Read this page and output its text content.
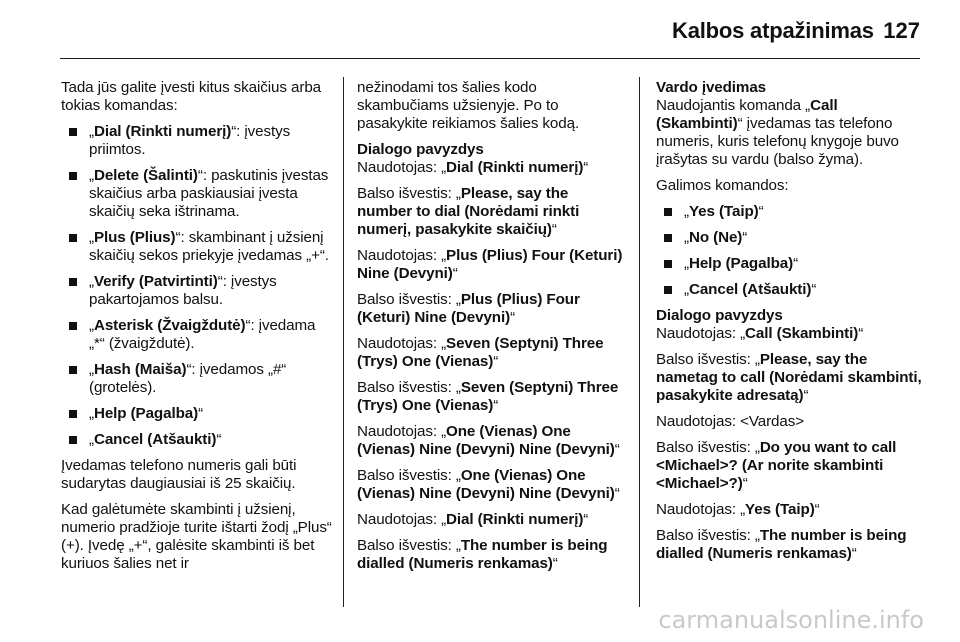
Kalbos atpažinimas 127

Tada jūs galite įvesti kitus skaičius arba tokias komandas:

„Dial (Rinkti numerį)“: įvestys priimtos.
„Delete (Šalinti)“: paskutinis įvestas skaičius arba paskiausiai įvesta skaičių seka ištrinama.
„Plus (Plius)“: skambinant į užsienį skaičių sekos priekyje įvedamas „+“.
„Verify (Patvirtinti)“: įvestys pakartojamos balsu.
„Asterisk (Žvaigždutė)“: įvedama „*“ (žvaigždutė).
„Hash (Maiša)“: įvedamos „#“ (grotelės).
„Help (Pagalba)“
„Cancel (Atšaukti)“

Įvedamas telefono numeris gali būti sudarytas daugiausiai iš 25 skaičių.

Kad galėtumėte skambinti į užsienį, numerio pradžioje turite ištarti žodį „Plus“ (+). Įvedę „+“, galėsite skambinti iš bet kuriuos šalies net ir

nežinodami tos šalies kodo skambučiams užsienyje. Po to pasakykite reikiamos šalies kodą.

Dialogo pavyzdys

Naudotojas: „Dial (Rinkti numerį)“

Balso išvestis: „Please, say the number to dial (Norėdami rinkti numerį, pasakykite skaičių)“

Naudotojas: „Plus (Plius) Four (Keturi) Nine (Devyni)“

Balso išvestis: „Plus (Plius) Four (Keturi) Nine (Devyni)“

Naudotojas: „Seven (Septyni) Three (Trys) One (Vienas)“

Balso išvestis: „Seven (Septyni) Three (Trys) One (Vienas)“

Naudotojas: „One (Vienas) One (Vienas) Nine (Devyni) Nine (Devyni)“

Balso išvestis: „One (Vienas) One (Vienas) Nine (Devyni) Nine (Devyni)“

Naudotojas: „Dial (Rinkti numerį)“

Balso išvestis: „The number is being dialled (Numeris renkamas)“

Vardo įvedimas

Naudojantis komanda „Call (Skambinti)“ įvedamas tas telefono numeris, kuris telefonų knygoje buvo įrašytas su vardu (balso žyma).

Galimos komandos:

„Yes (Taip)“
„No (Ne)“
„Help (Pagalba)“
„Cancel (Atšaukti)“
Dialogo pavyzdys

Naudotojas: „Call (Skambinti)“

Balso išvestis: „Please, say the nametag to call (Norėdami skambinti, pasakykite adresatą)“

Naudotojas: <Vardas>

Balso išvestis: „Do you want to call <Michael>? (Ar norite skambinti <Michael>?)“

Naudotojas: „Yes (Taip)“

Balso išvestis: „The number is being dialled (Numeris renkamas)“

carmanualsonline.info
